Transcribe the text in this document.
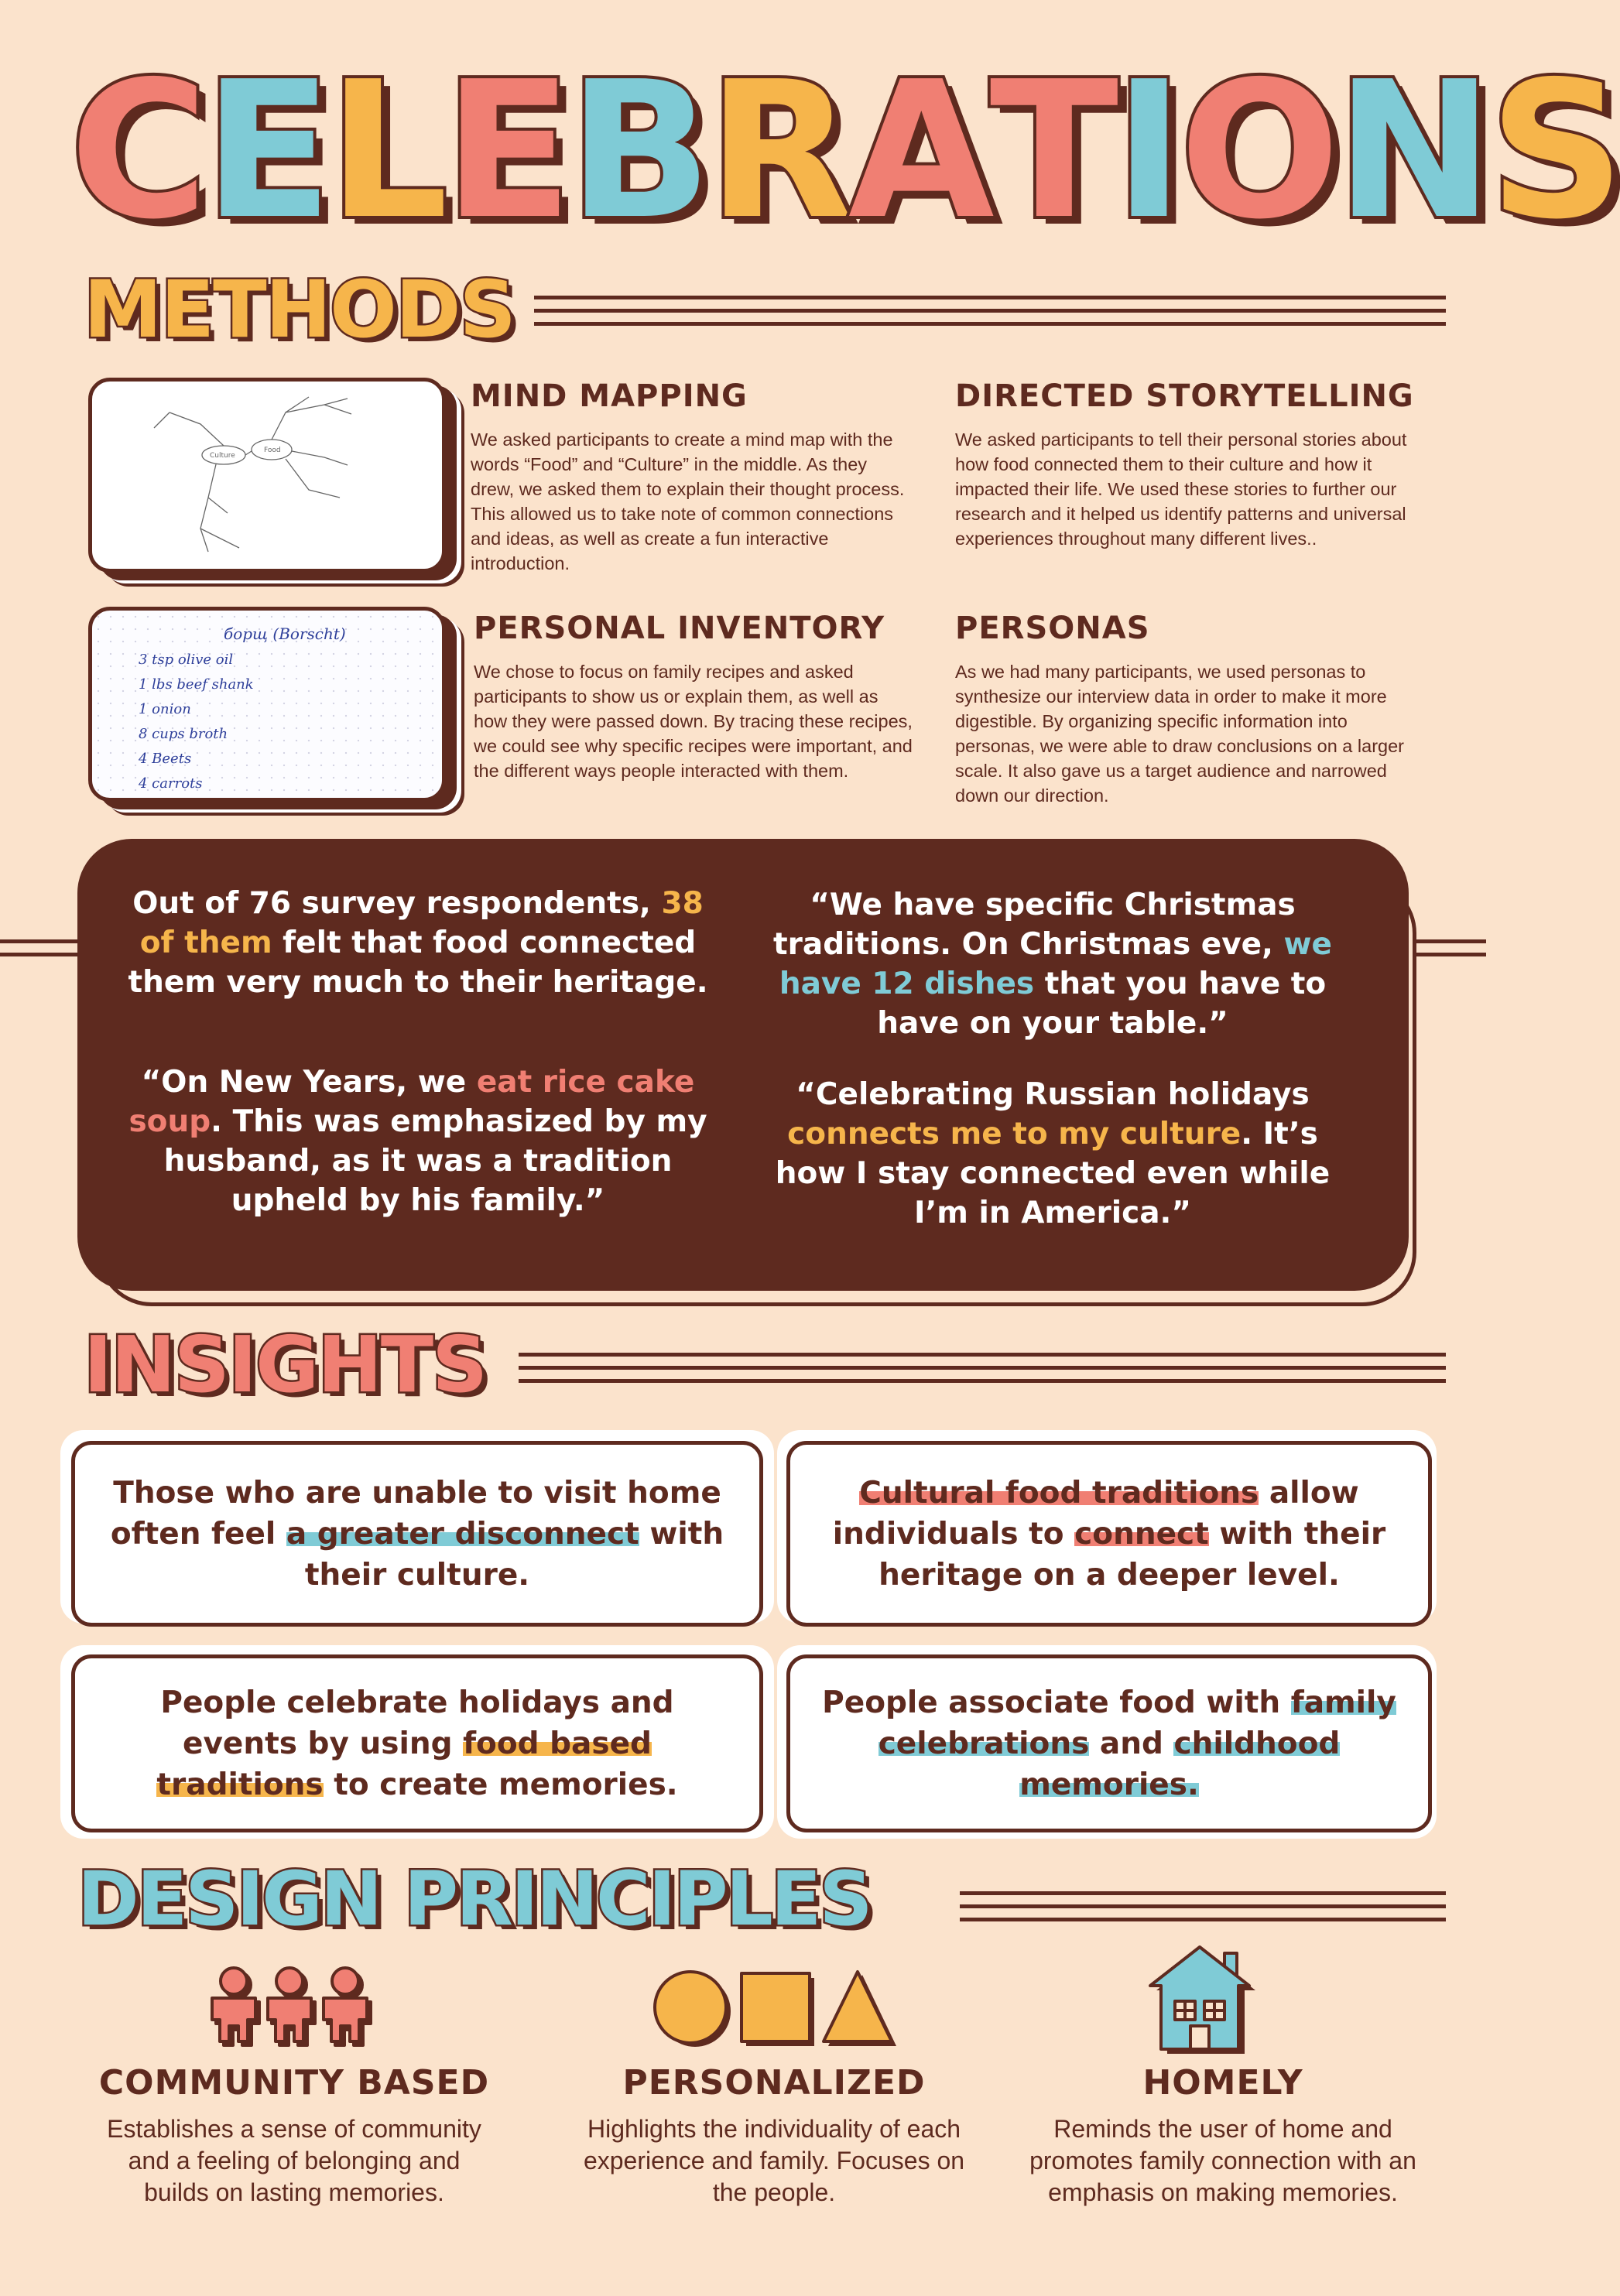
C E L E B R A T I O N S
METHODS
Culture
Food
борщ (Borscht)
3 tsp olive oil
1 lbs beef shank
1 onion
8 cups broth
4 Beets
4 carrots
MIND MAPPING
We asked participants to create a mind map with the words “Food” and “Culture” in the middle. As they drew, we asked them to explain their thought process. This allowed us to take note of common connections and ideas, as well as create a fun interactive introduction.
DIRECTED STORYTELLING
We asked participants to tell their personal stories about how food connected them to their culture and how it impacted their life. We used these stories to further our research and it helped us identify patterns and universal experiences throughout many different lives..
PERSONAL INVENTORY
We chose to focus on family recipes and asked participants to show us or explain them, as well as how they were passed down. By tracing these recipes, we could see why specific recipes were important, and the different ways people interacted with them.
PERSONAS
As we had many participants, we used personas to synthesize our interview data in order to make it more digestible. By organizing specific information into personas, we were able to draw conclusions on a larger scale. It also gave us a target audience and narrowed down our direction.
Out of 76 survey respondents, 38 of them felt that food connected them very much to their heritage.
“On New Years, we eat rice cake soup. This was emphasized by my husband, as it was a tradition upheld by his family.”
“We have specific Christmas traditions. On Christmas eve, we have 12 dishes that you have to have on your table.”
“Celebrating Russian holidays connects me to my culture. It’s how I stay connected even while I’m in America.”
INSIGHTS
Those who are unable to visit home often feel a greater disconnect with their culture.
Cultural food traditions allow individuals to connect with their heritage on a deeper level.
People celebrate holidays and events by using food based traditions to create memories.
People associate food with family celebrations and childhood memories.
DESIGN PRINCIPLES
COMMUNITY BASED
Establishes a sense of community and a feeling of belonging and builds on lasting memories.
PERSONALIZED
Highlights the individuality of each experience and family. Focuses on the people.
HOMELY
Reminds the user of home and promotes family connection with an emphasis on making memories.
